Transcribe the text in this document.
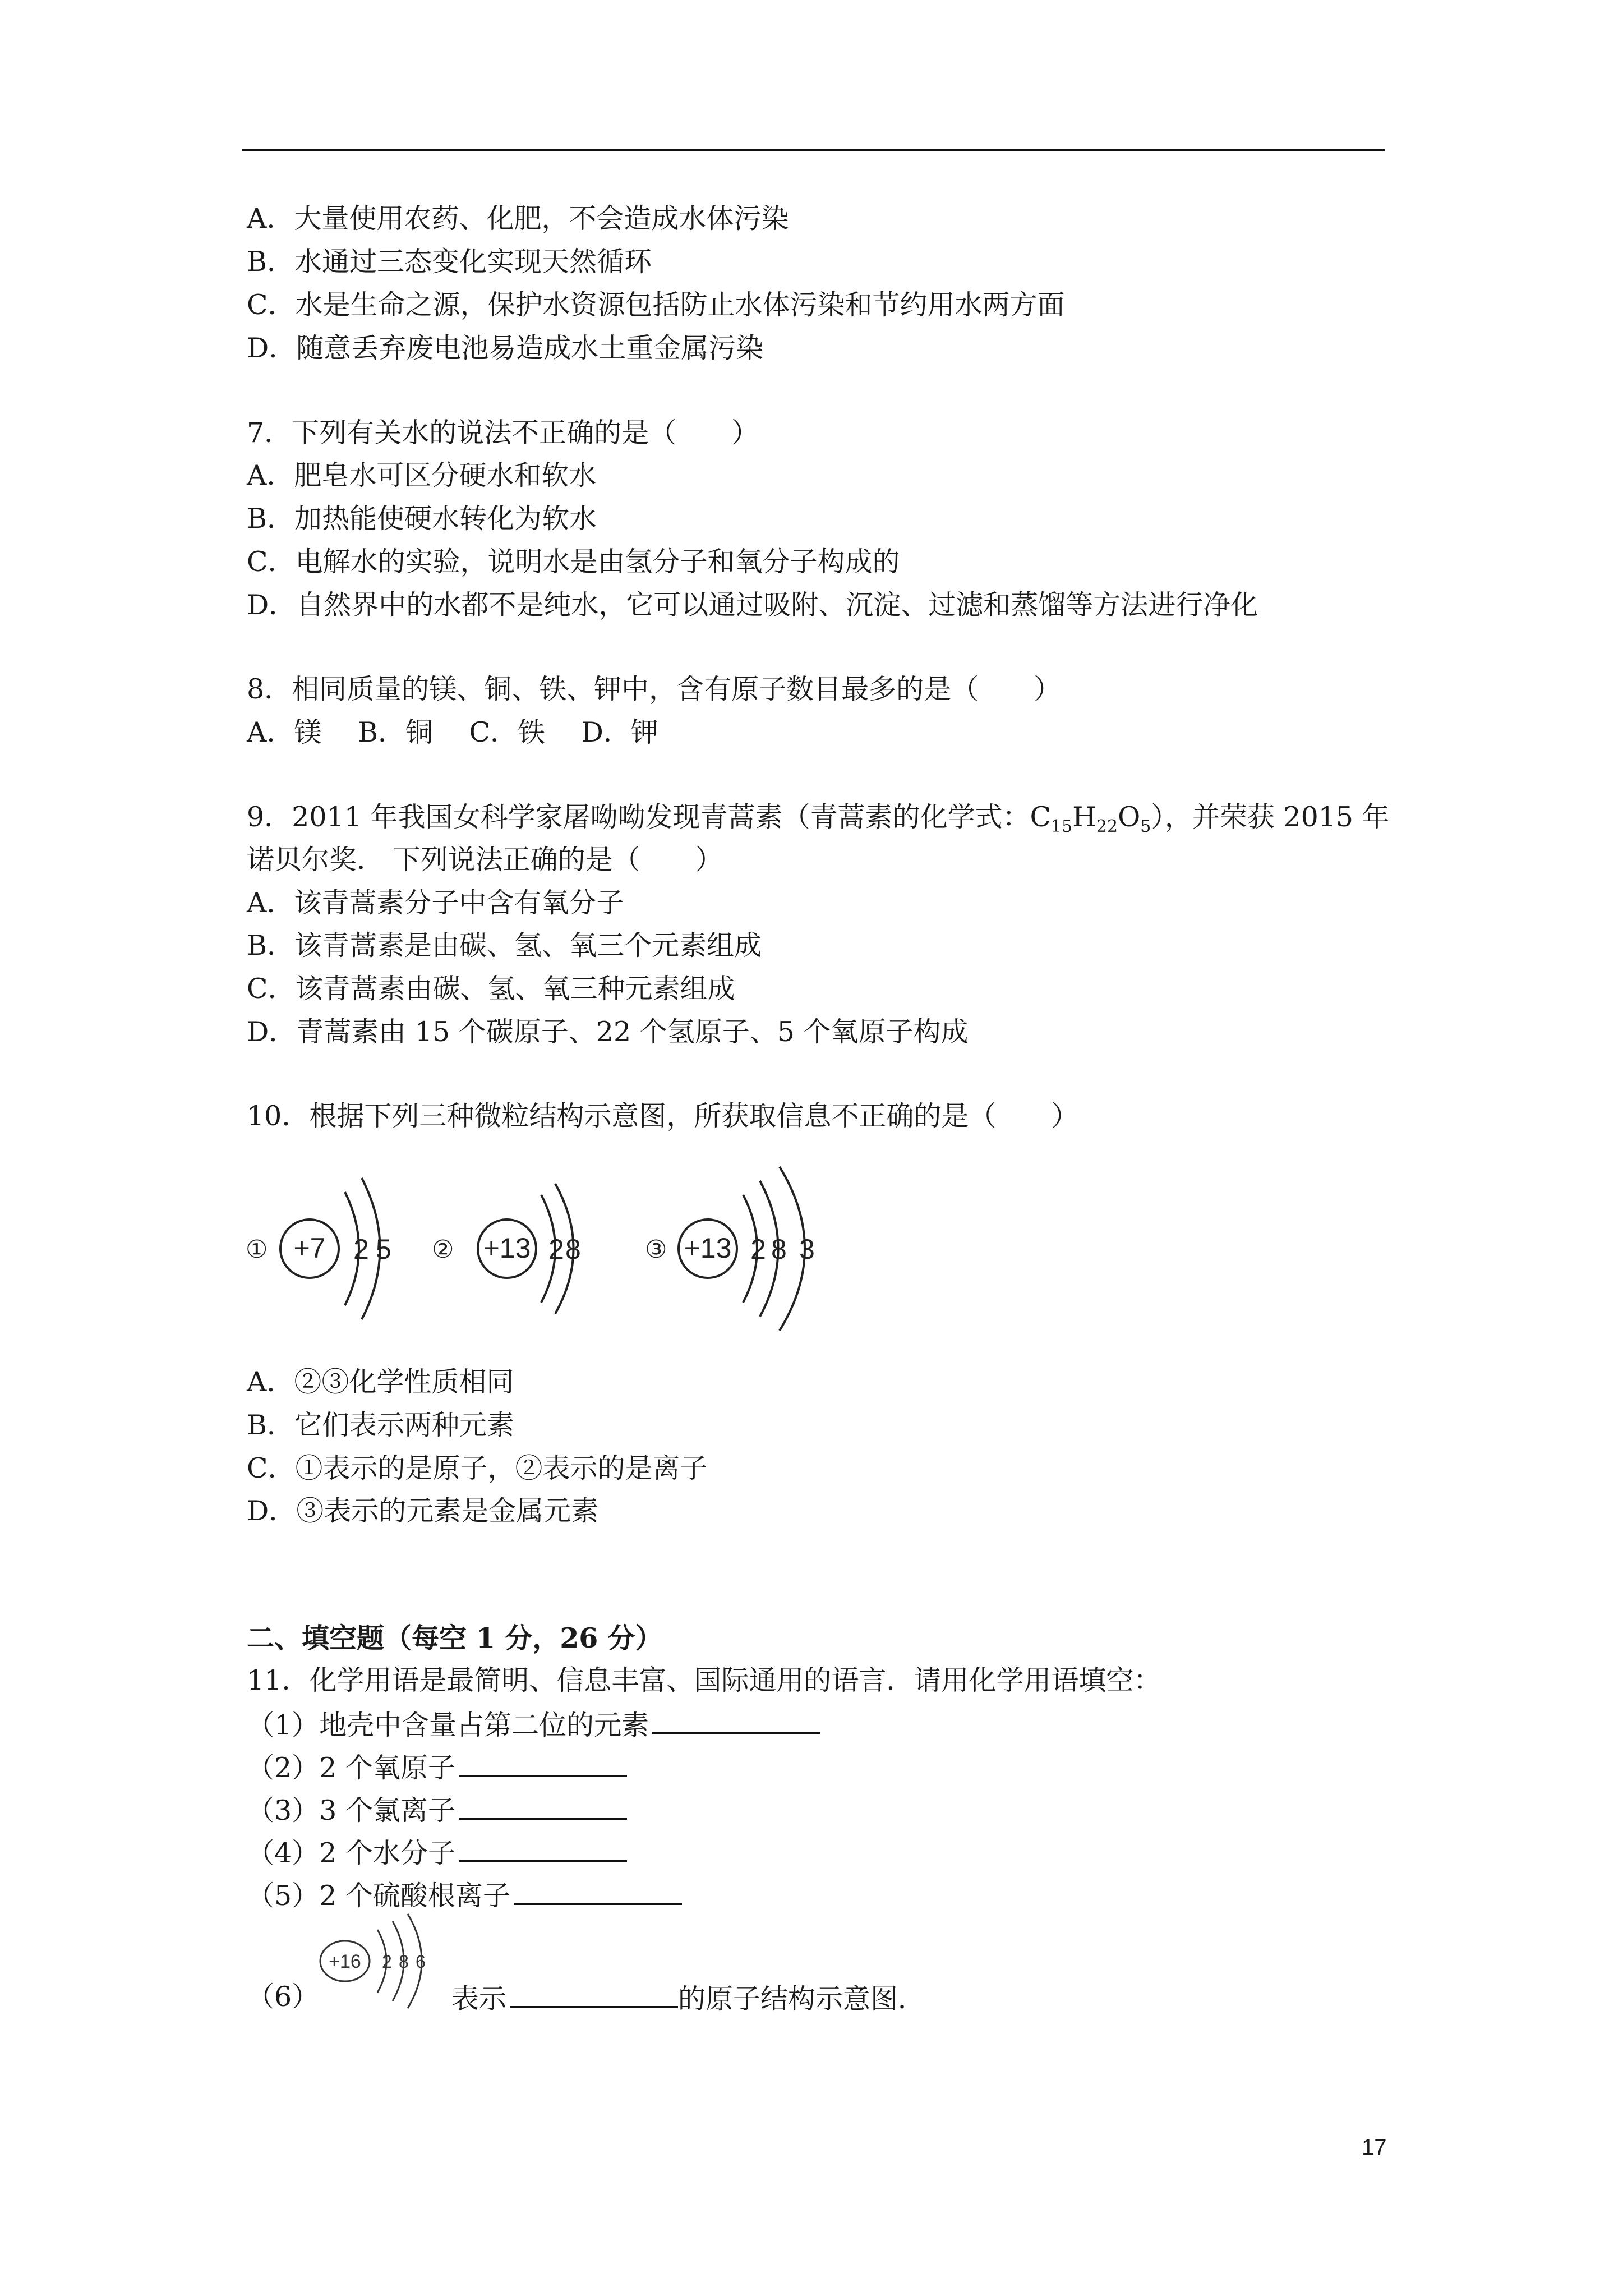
A．大量使用农药、化肥，不会造成水体污染
B．水通过三态变化实现天然循环
C．水是生命之源，保护水资源包括防止水体污染和节约用水两方面
D．随意丢弃废电池易造成水土重金属污染
7．下列有关水的说法不正确的是（　　）
A．肥皂水可区分硬水和软水
B．加热能使硬水转化为软水
C．电解水的实验，说明水是由氢分子和氧分子构成的
D．自然界中的水都不是纯水，它可以通过吸附、沉淀、过滤和蒸馏等方法进行净化
8．相同质量的镁、铜、铁、钾中，含有原子数目最多的是（　　）
A．镁　 B．铜　 C．铁　 D．钾
9．2011 年我国女科学家屠呦呦发现青蒿素（青蒿素的化学式：$C_{15}H_{22}O_5$），并荣获 2015 年
诺贝尔奖． 下列说法正确的是（　　）
A．该青蒿素分子中含有氧分子
B．该青蒿素是由碳、氢、氧三个元素组成
C．该青蒿素由碳、氢、氧三种元素组成
D．青蒿素由 15 个碳原子、22 个氢原子、5 个氧原子构成
10．根据下列三种微粒结构示意图，所获取信息不正确的是（　　）
① +7 2 5 ② +13 2 8	③ +13 2 8 3
A．②③化学性质相同
B．它们表示两种元素
C．①表示的是原子，②表示的是离子
D．③表示的元素是金属元素
二、填空题（每空 1 分，26 分）
11．化学用语是最简明、信息丰富、国际通用的语言．请用化学用语填空：
（1）地壳中含量占第二位的元素
（2）2 个氧原子
（3）3 个氯离子
（4）2 个水分子
（5）2 个硫酸根离子
+16 2 8 6
（6）	表示	的原子结构示意图．
17
